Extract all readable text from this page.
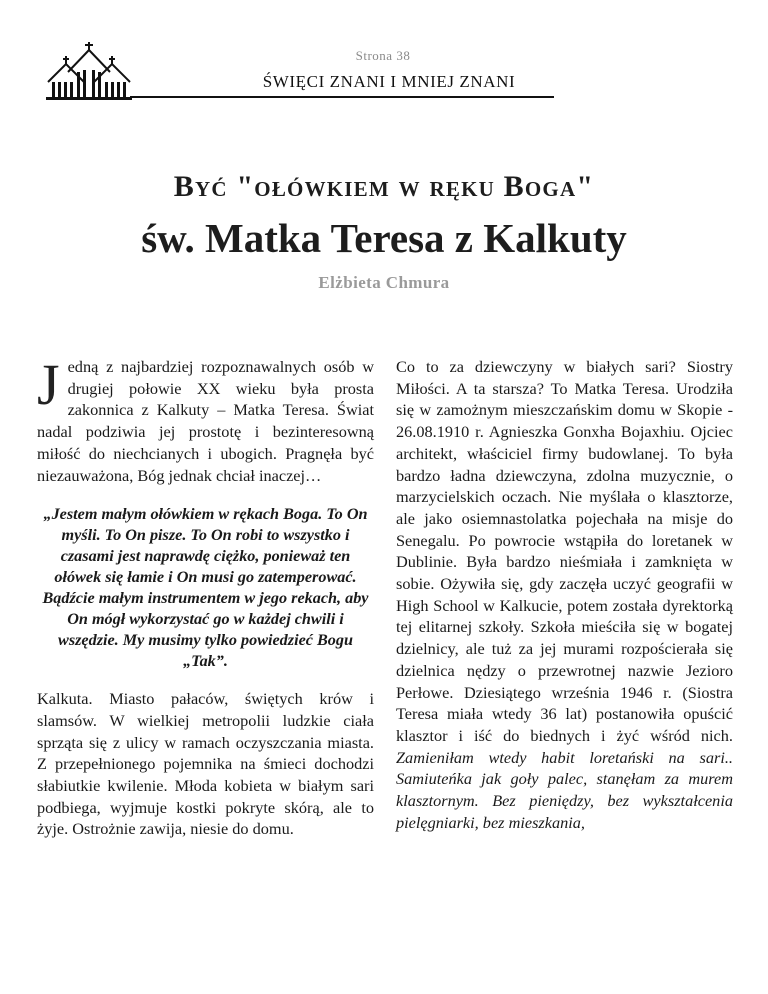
Strona 38
ŚWIĘCI ZNANI I MNIEJ ZNANI
Być "ołówkiem w ręku Boga"
św. Matka Teresa z Kalkuty
Elżbieta Chmura

Jedną z najbardziej rozpoznawalnych osób w drugiej połowie XX wieku była prosta zakonnica z Kalkuty – Matka Teresa. Świat nadal podziwia jej prostotę i bezinteresowną miłość do niechcianych i ubogich. Pragnęła być niezauważona, Bóg jednak chciał inaczej…

„Jestem małym ołówkiem w rękach Boga. To On myśli. To On pisze. To On robi to wszystko i czasami jest naprawdę ciężko, ponieważ ten ołówek się łamie i On musi go zatemperować. Bądźcie małym instrumentem w jego rekach, aby On mógł wykorzystać go w każdej chwili i wszędzie. My musimy tylko powiedzieć Bogu „Tak”.

Kalkuta. Miasto pałaców, świętych krów i slamsów. W wielkiej metropolii ludzkie ciała sprząta się z ulicy w ramach oczyszczania miasta. Z przepełnionego pojemnika na śmieci dochodzi słabiutkie kwilenie. Młoda kobieta w białym sari podbiega, wyjmuje kostki pokryte skórą, ale to żyje. Ostrożnie zawija, niesie do domu.

Co to za dziewczyny w białych sari? Siostry Miłości. A ta starsza? To Matka Teresa. Urodziła się w zamożnym mieszczańskim domu w Skopie - 26.08.1910 r. Agnieszka Gonxha Bojaxhiu. Ojciec architekt, właściciel firmy budowlanej. To była bardzo ładna dziewczyna, zdolna muzycznie, o marzycielskich oczach. Nie myślała o klasztorze, ale jako osiemnastolatka pojechała na misje do Senegalu. Po powrocie wstąpiła do loretanek w Dublinie. Była bardzo nieśmiała i zamknięta w sobie. Ożywiła się, gdy zaczęła uczyć geografii w High School w Kalkucie, potem została dyrektorką tej elitarnej szkoły. Szkoła mieściła się w bogatej dzielnicy, ale tuż za jej murami rozpościerała się dzielnica nędzy o przewrotnej nazwie Jezioro Perłowe. Dziesiątego września 1946 r. (Siostra Teresa miała wtedy 36 lat) postanowiła opuścić klasztor i iść do biednych i żyć wśród nich. Zamieniłam wtedy habit loretański na sari.. Samiuteńka jak goły palec, stanęłam za murem klasztornym. Bez pieniędzy, bez wykształcenia pielęgniarki, bez mieszkania,
